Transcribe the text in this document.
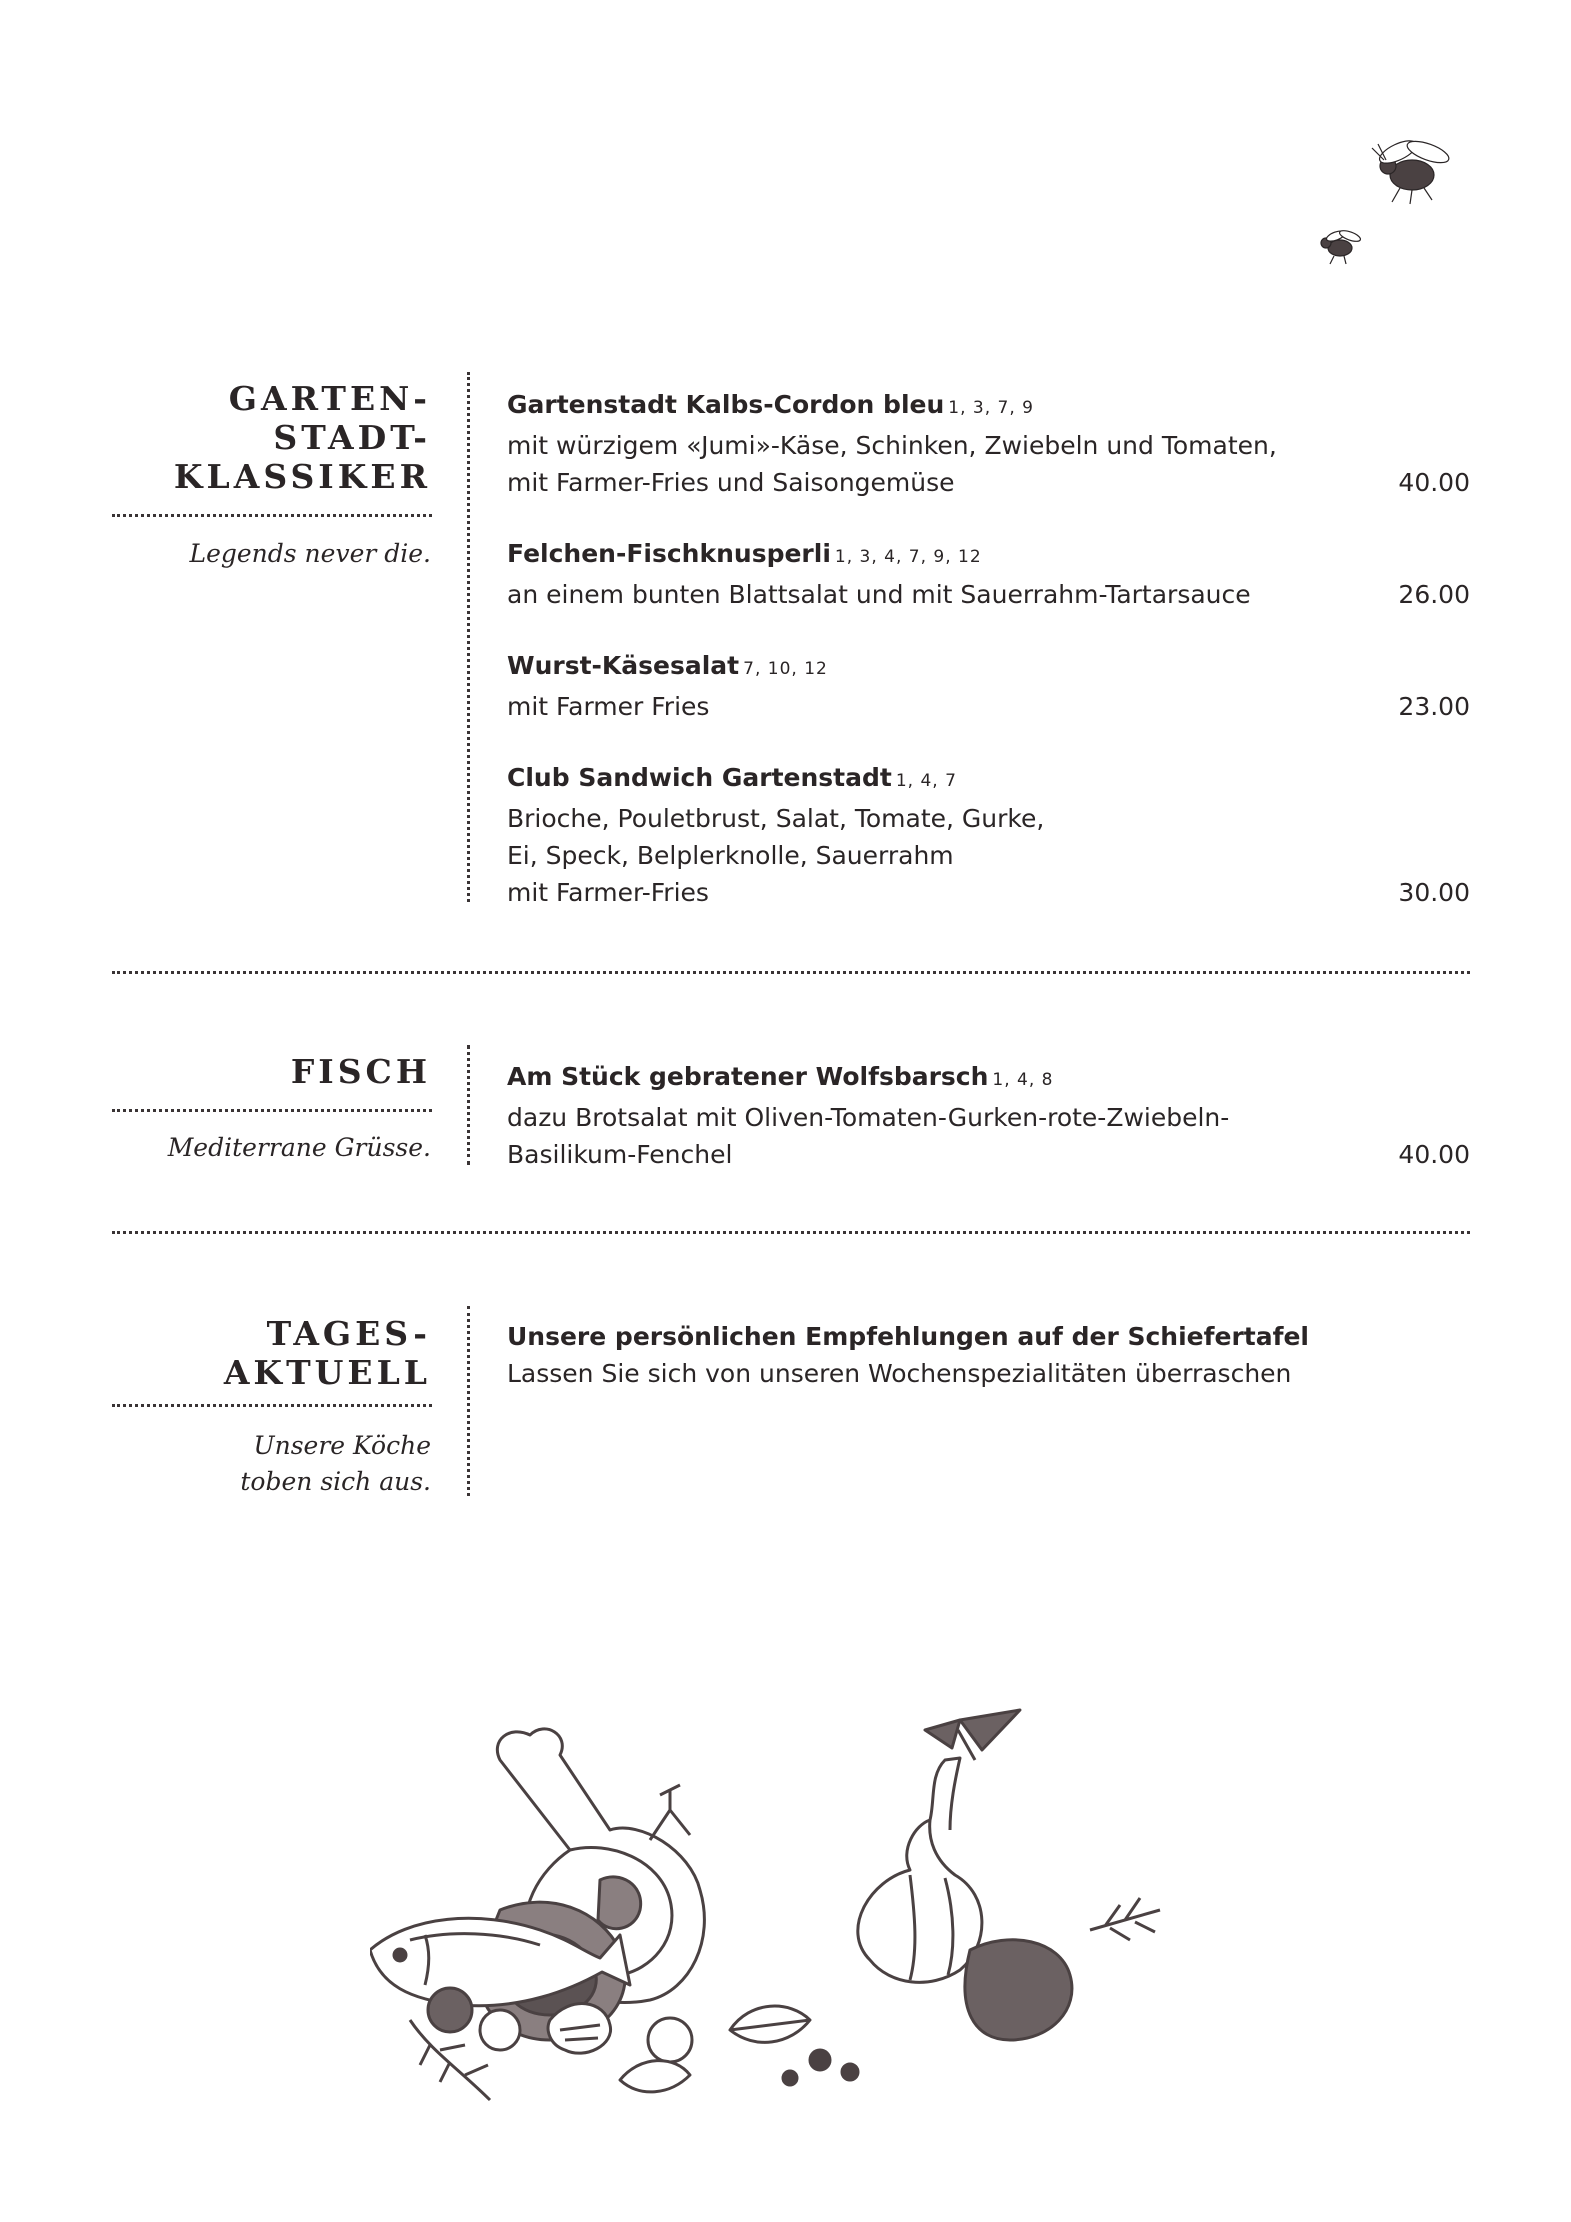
GARTEN-
STADT-
KLASSIKER
Legends never die.
Gartenstadt Kalbs-Cordon bleu 1, 3, 7, 9
mit würzigem «Jumi»-Käse, Schinken, Zwiebeln und Tomaten,
mit Farmer-Fries und Saisongemüse	40.00
Felchen-Fischknusperli 1, 3, 4, 7, 9, 12
an einem bunten Blattsalat und mit Sauerrahm-Tartarsauce	26.00
Wurst-Käsesalat 7, 10, 12
mit Farmer Fries	23.00
Club Sandwich Gartenstadt 1, 4, 7
Brioche, Pouletbrust, Salat, Tomate, Gurke,
Ei, Speck, Belplerknolle, Sauerrahm
mit Farmer-Fries	30.00
FISCH
Mediterrane Grüsse.
Am Stück gebratener Wolfsbarsch 1, 4, 8
dazu Brotsalat mit Oliven-Tomaten-Gurken-rote-Zwiebeln-
Basilikum-Fenchel	40.00
TAGES-
AKTUELL
Unsere Köche
toben sich aus.
Unsere persönlichen Empfehlungen auf der Schiefertafel
Lassen Sie sich von unseren Wochenspezialitäten überraschen
